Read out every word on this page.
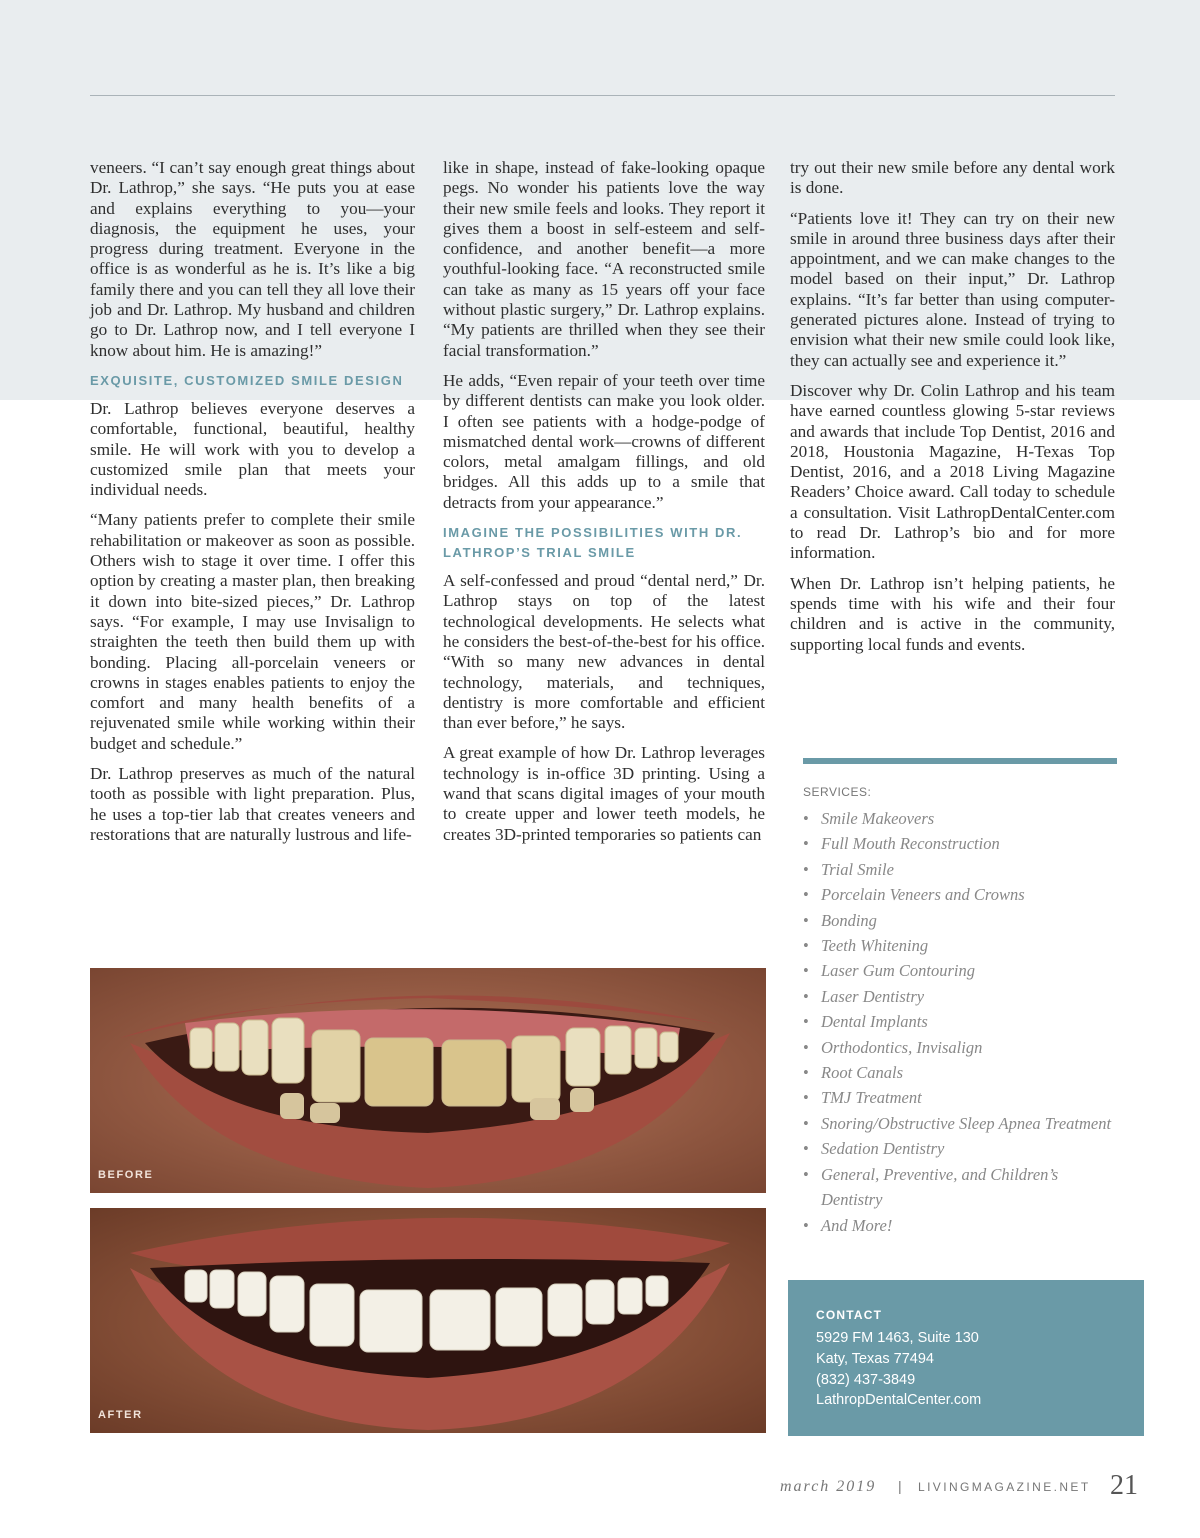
veneers. “I can’t say enough great things about Dr. Lathrop,” she says. “He puts you at ease and explains everything to you—your diagnosis, the equipment he uses, your progress during treatment. Everyone in the office is as wonderful as he is. It’s like a big family there and you can tell they all love their job and Dr. Lathrop. My husband and children go to Dr. Lathrop now, and I tell everyone I know about him. He is amazing!”

EXQUISITE, CUSTOMIZED SMILE DESIGN

Dr. Lathrop believes everyone deserves a comfortable, functional, beautiful, healthy smile. He will work with you to develop a customized smile plan that meets your individual needs.

“Many patients prefer to complete their smile rehabilitation or makeover as soon as possible. Others wish to stage it over time. I offer this option by creating a master plan, then breaking it down into bite-sized pieces,” Dr. Lathrop says. “For example, I may use Invisalign to straighten the teeth then build them up with bonding. Placing all-porcelain veneers or crowns in stages enables patients to enjoy the comfort and many health benefits of a rejuvenated smile while working within their budget and schedule.”

Dr. Lathrop preserves as much of the natural tooth as possible with light preparation. Plus, he uses a top-tier lab that creates veneers and restorations that are naturally lustrous and life-

like in shape, instead of fake-looking opaque pegs. No wonder his patients love the way their new smile feels and looks. They report it gives them a boost in self-esteem and self-confidence, and another benefit—a more youthful-looking face. “A reconstructed smile can take as many as 15 years off your face without plastic surgery,” Dr. Lathrop explains. “My patients are thrilled when they see their facial transformation.”

He adds, “Even repair of your teeth over time by different dentists can make you look older. I often see patients with a hodge-podge of mismatched dental work—crowns of different colors, metal amalgam fillings, and old bridges. All this adds up to a smile that detracts from your appearance.”

IMAGINE THE POSSIBILITIES WITH DR. LATHROP’S TRIAL SMILE

A self-confessed and proud “dental nerd,” Dr. Lathrop stays on top of the latest technological developments. He selects what he considers the best-of-the-best for his office. “With so many new advances in dental technology, materials, and techniques, dentistry is more comfortable and efficient than ever before,” he says.

A great example of how Dr. Lathrop leverages technology is in-office 3D printing. Using a wand that scans digital images of your mouth to create upper and lower teeth models, he creates 3D-printed temporaries so patients can

try out their new smile before any dental work is done.

“Patients love it! They can try on their new smile in around three business days after their appointment, and we can make changes to the model based on their input,” Dr. Lathrop explains. “It’s far better than using computer-generated pictures alone. Instead of trying to envision what their new smile could look like, they can actually see and experience it.”

Discover why Dr. Colin Lathrop and his team have earned countless glowing 5-star reviews and awards that include Top Dentist, 2016 and 2018, Houstonia Magazine, H-Texas Top Dentist, 2016, and a 2018 Living Magazine Readers’ Choice award. Call today to schedule a consultation. Visit LathropDentalCenter.com to read Dr. Lathrop’s bio and for more information.

When Dr. Lathrop isn’t helping patients, he spends time with his wife and their four children and is active in the community, supporting local funds and events.

BEFORE
AFTER
SERVICES:
• Smile Makeovers
• Full Mouth Reconstruction
• Trial Smile
• Porcelain Veneers and Crowns
• Bonding
• Teeth Whitening
• Laser Gum Contouring
• Laser Dentistry
• Dental Implants
• Orthodontics, Invisalign
• Root Canals
• TMJ Treatment
• Snoring/Obstructive Sleep Apnea Treatment
• Sedation Dentistry
• General, Preventive, and Children’s Dentistry
• And More!
CONTACT
5929 FM 1463, Suite 130
Katy, Texas 77494
(832) 437-3849
LathropDentalCenter.com
march 2019 | LIVINGMAGAZINE.NET 21
